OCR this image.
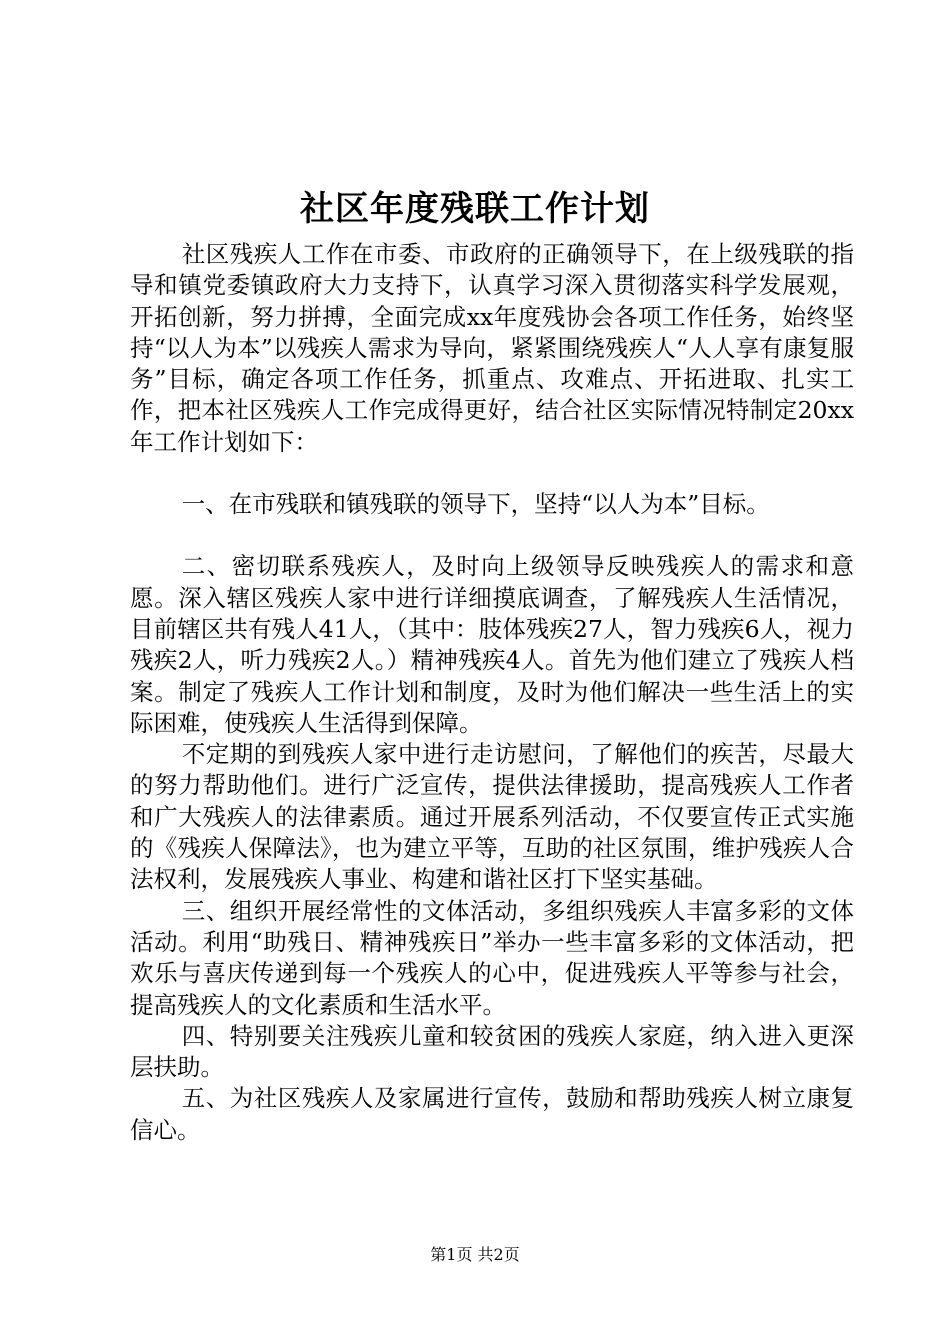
社区年度残联工作计划

社区残疾人工作在市委、市政府的正确领导下，在上级残联的指导和镇党委镇政府大力支持下，认真学习深入贯彻落实科学发展观，开拓创新，努力拼搏，全面完成xx年度残协会各项工作任务，始终坚持“以人为本”以残疾人需求为导向，紧紧围绕残疾人“人人享有康复服务”目标，确定各项工作任务，抓重点、攻难点、开拓进取、扎实工作，把本社区残疾人工作完成得更好，结合社区实际情况特制定20xx年工作计划如下：

一、在市残联和镇残联的领导下，坚持“以人为本”目标。

二、密切联系残疾人，及时向上级领导反映残疾人的需求和意愿。深入辖区残疾人家中进行详细摸底调查，了解残疾人生活情况，目前辖区共有残人41人，（其中：肢体残疾27人，智力残疾6人，视力残疾2人，听力残疾2人。）精神残疾4人。首先为他们建立了残疾人档案。制定了残疾人工作计划和制度，及时为他们解决一些生活上的实际困难，使残疾人生活得到保障。

不定期的到残疾人家中进行走访慰问，了解他们的疾苦，尽最大的努力帮助他们。进行广泛宣传，提供法律援助，提高残疾人工作者和广大残疾人的法律素质。通过开展系列活动，不仅要宣传正式实施的《残疾人保障法》，也为建立平等，互助的社区氛围，维护残疾人合法权利，发展残疾人事业、构建和谐社区打下坚实基础。

三、组织开展经常性的文体活动，多组织残疾人丰富多彩的文体活动。利用“助残日、精神残疾日”举办一些丰富多彩的文体活动，把欢乐与喜庆传递到每一个残疾人的心中，促进残疾人平等参与社会，提高残疾人的文化素质和生活水平。

四、特别要关注残疾儿童和较贫困的残疾人家庭，纳入进入更深层扶助。

五、为社区残疾人及家属进行宣传，鼓励和帮助残疾人树立康复信心。

第1页 共2页
